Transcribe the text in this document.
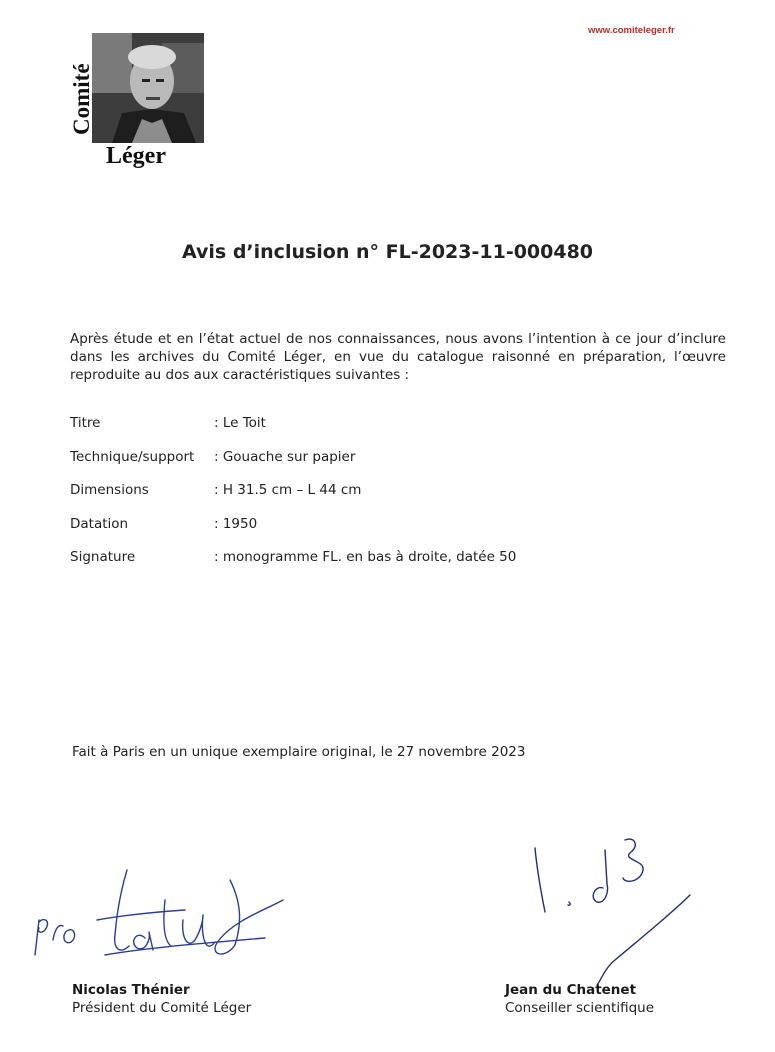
www.comiteleger.fr
Comité
Léger
Avis d’inclusion n° FL-2023-11-000480
Après étude et en l’état actuel de nos connaissances, nous avons l’intention à ce jour d’inclure dans les archives du Comité Léger, en vue du catalogue raisonné en préparation, l’œuvre reproduite au dos aux caractéristiques suivantes :
Titre	: Le Toit
Technique/support : Gouache sur papier
Dimensions	: H 31.5 cm – L 44 cm
Datation	: 1950
Signature	: monogramme FL. en bas à droite, datée 50
Fait à Paris en un unique exemplaire original, le 27 novembre 2023
Nicolas Thénier
Président du Comité Léger
Jean du Chatenet
Conseiller scientifique
